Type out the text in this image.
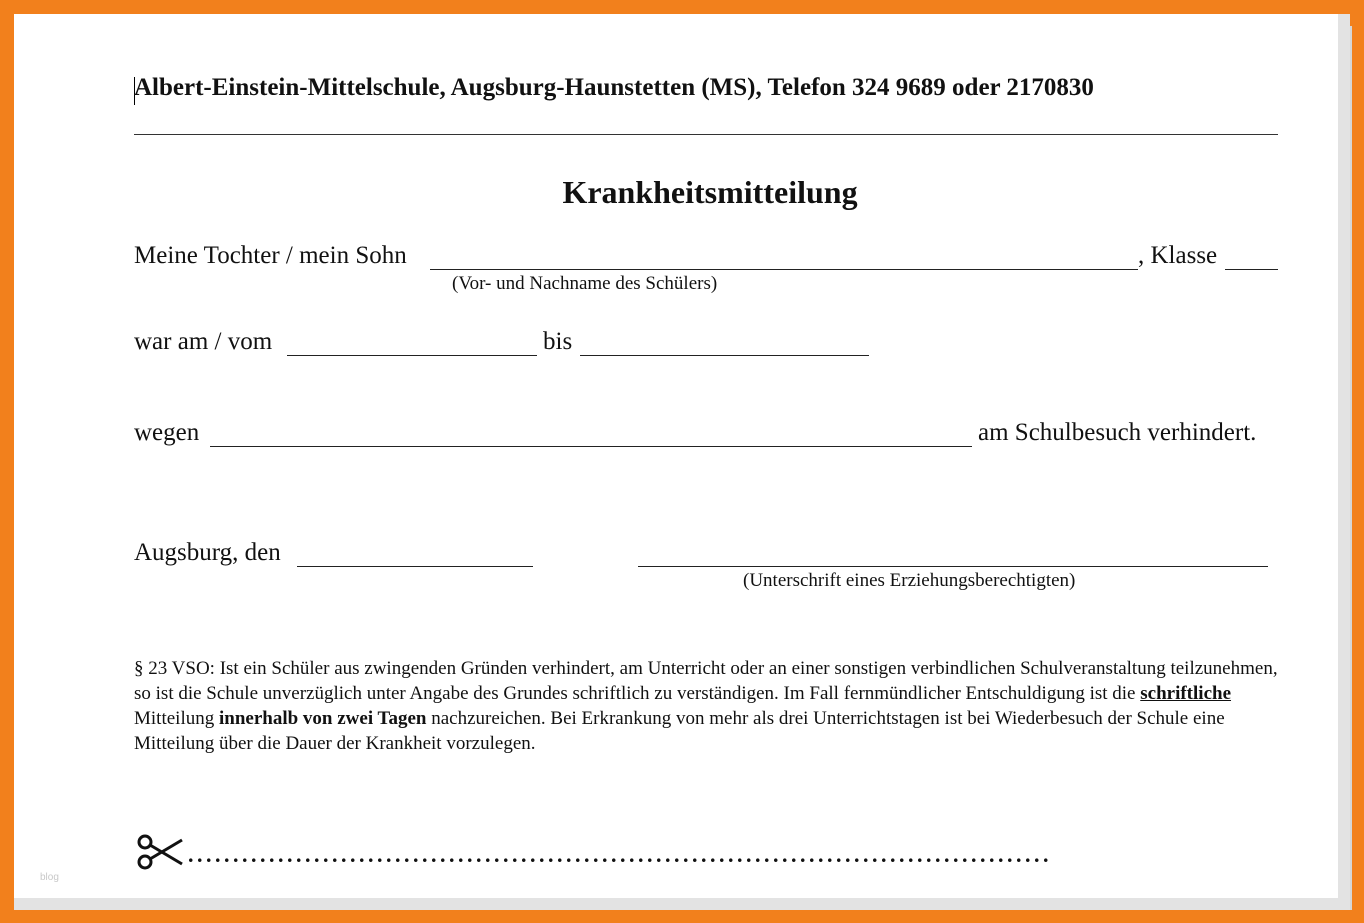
Albert-Einstein-Mittelschule, Augsburg-Haunstetten (MS), Telefon 324 9689 oder 2170830
Krankheitsmitteilung
Meine Tochter / mein Sohn	, Klasse
(Vor- und Nachname des Schülers)
war am / vom	bis
wegen	am Schulbesuch verhindert.
Augsburg, den
(Unterschrift eines Erziehungsberechtigten)
§ 23 VSO: Ist ein Schüler aus zwingenden Gründen verhindert, am Unterricht oder an einer sonstigen verbindlichen Schulveranstaltung teilzunehmen, so ist die Schule unverzüglich unter Angabe des Grundes schriftlich zu verständigen. Im Fall fernmündlicher Entschuldigung ist die schriftliche Mitteilung innerhalb von zwei Tagen nachzureichen. Bei Erkrankung von mehr als drei Unterrichtstagen ist bei Wiederbesuch der Schule eine Mitteilung über die Dauer der Krankheit vorzulegen.
................................................................................................
blog
